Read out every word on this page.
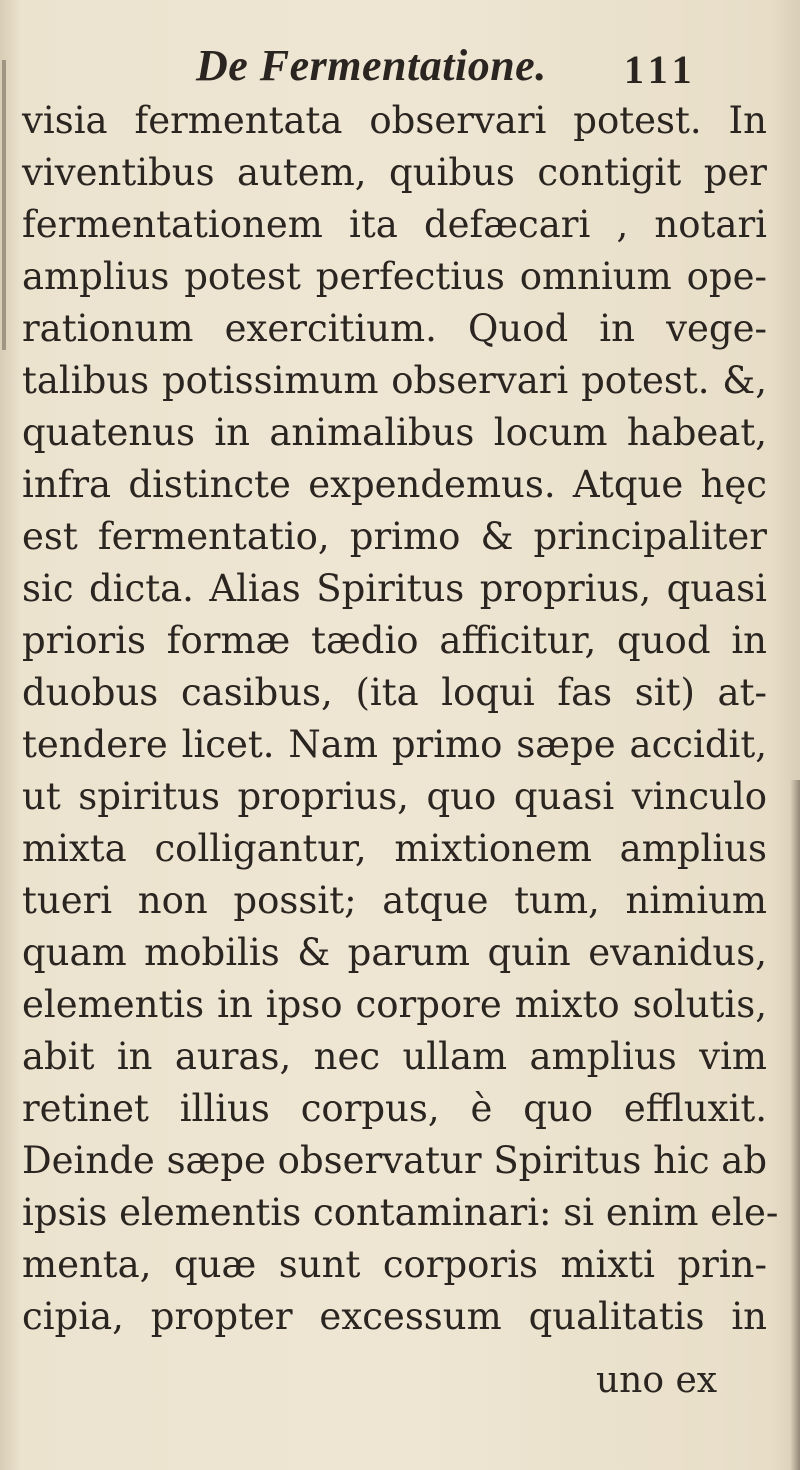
De Fermentatione. 111
visia fermentata observari potest. In
viventibus autem, quibus contigit per
fermentationem ita defæcari , notari
amplius potest perfectius omnium ope-
rationum exercitium. Quod in vege-
talibus potissimum observari potest. &,
quatenus in animalibus locum habeat,
infra distincte expendemus. Atque hęc
est fermentatio, primo & principaliter
sic dicta. Alias Spiritus proprius, quasi
prioris formæ tædio afficitur, quod in
duobus casibus, (ita loqui fas sit) at-
tendere licet. Nam primo sæpe accidit,
ut spiritus proprius, quo quasi vinculo
mixta colligantur, mixtionem amplius
tueri non possit; atque tum, nimium
quam mobilis & parum quin evanidus,
elementis in ipso corpore mixto solutis,
abit in auras, nec ullam amplius vim
retinet illius corpus, è quo effluxit.
Deinde sæpe observatur Spiritus hic ab
ipsis elementis contaminari: si enim ele-
menta, quæ sunt corporis mixti prin-
cipia, propter excessum qualitatis in
uno ex
